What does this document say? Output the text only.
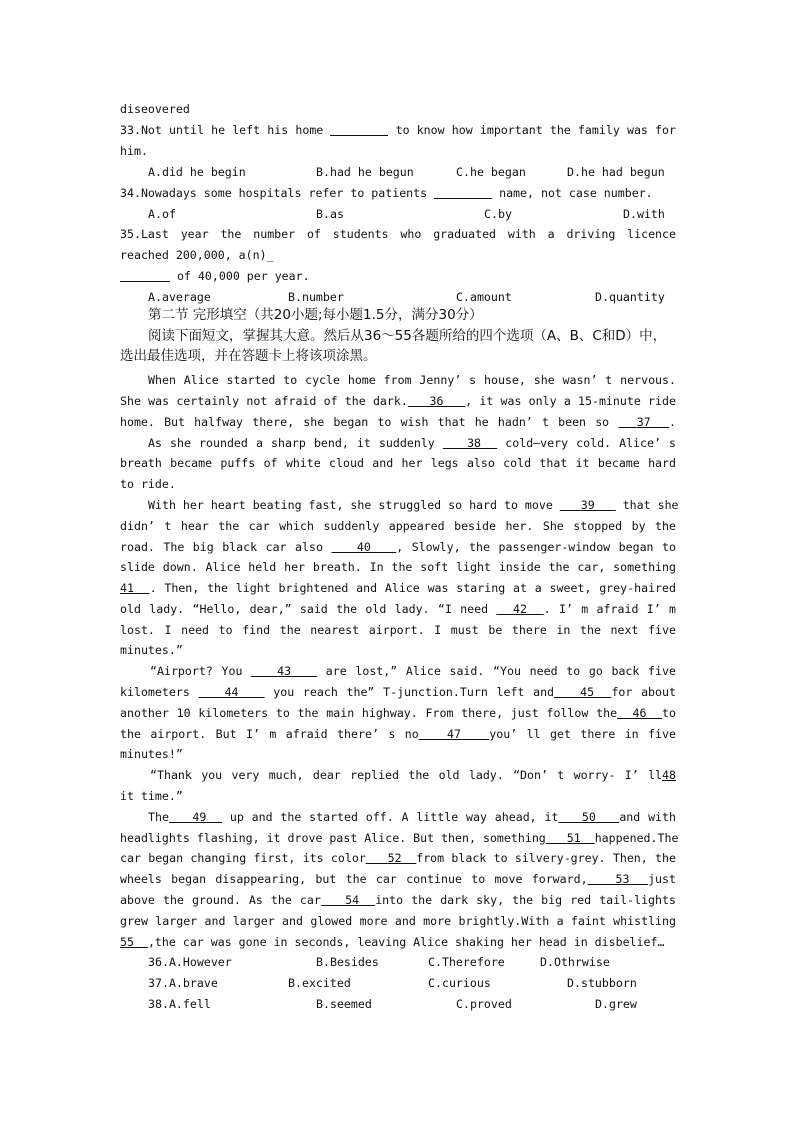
diseovered
33.Not until he left his home	to know how important the family was for
him.
A.did he begin	B.had he begun	C.he began	D.he had begun
34.Nowadays some hospitals refer to patients	name, not case number.
A.of	B.as	C.by	D.with
35.Last year the number of students who graduated with a driving licence
reached 200,000, a(n)_
of 40,000 per year.
A.average	B.number	C.amount	D.quantity
第二节 完形填空（共20小题;每小题1.5分，满分30分）
阅读下面短文，掌握其大意。然后从36～55各题所给的四个选项（A、B、C和D）中，
选出最佳选项，并在答题卡上将该项涂黑。
When Alice started to cycle home from Jenny’ s house, she wasn’ t nervous.
She was certainly not afraid of the dark. 36 , it was only a 15-minute ride
home. But halfway there, she began to wish that he hadn’ t been so 37 .
As she rounded a sharp bend, it suddenly	38 cold—very cold. Alice’ s
breath became puffs of white cloud and her legs also cold that it became hard
to ride.
With her heart beating fast, she struggled so hard to move 39 that she
didn’ t hear the car which suddenly appeared beside her. She stopped by the
road. The big black car also	40 , Slowly, the passenger-window began to
slide down. Alice held her breath. In the soft light inside the car, something
41 . Then, the light brightened and Alice was staring at a sweet, grey-haired
old lady. “Hello, dear,” said the old lady. “I need 42 . I’ m afraid I’ m
lost. I need to find the nearest airport. I must be there in the next five
minutes.”
“Airport? You	43	are lost,” Alice said. “You need to go back five
kilometers	44	you reach the” T-junction.Turn left and 45 for about
another 10 kilometers to the main highway. From there, just follow the 46 to
the airport. But I’ m afraid there’ s no 47 you’ ll get there in five
minutes!”
“Thank you very much, dear replied the old lady. “Don’ t worry- I’ ll48
it time.”
The 49 up and the started off. A little way ahead, it 50 and with
headlights flashing, it drove past Alice. But then, something 51 happened.The
car began changing first, its color 52 from black to silvery-grey. Then, the
wheels began disappearing, but the car continue to move forward, 53 just
above the ground. As the car 54 into the dark sky, the big red tail-lights
grew larger and larger and glowed more and more brightly.With a faint whistling
55 ,the car was gone in seconds, leaving Alice shaking her head in disbelief…
36.A.However	B.Besides	C.Therefore	D.Othrwise
37.A.brave	B.excited	C.curious	D.stubborn
38.A.fell	B.seemed	C.proved	D.grew
